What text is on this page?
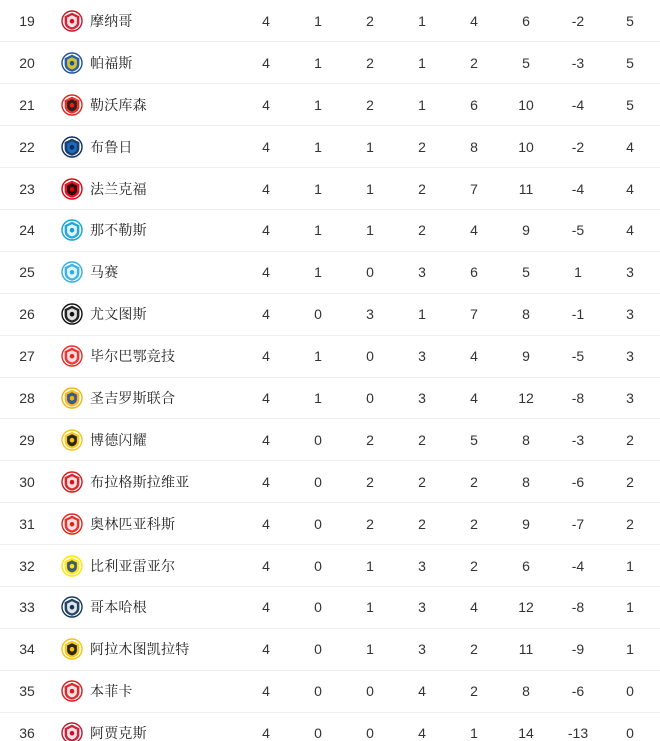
19		摩纳哥	4	1	2	1	4	6	-2	5	
20		帕福斯	4	1	2	1	2	5	-3	5	
21		勒沃库森	4	1	2	1	6	10	-4	5	
22		布鲁日	4	1	1	2	8	10	-2	4	
23		法兰克福	4	1	1	2	7	11	-4	4	
24		那不勒斯	4	1	1	2	4	9	-5	4	
25		马赛	4	1	0	3	6	5	1	3	
26		尤文图斯	4	0	3	1	7	8	-1	3	
27		毕尔巴鄂竞技	4	1	0	3	4	9	-5	3	
28		圣吉罗斯联合	4	1	0	3	4	12	-8	3	
29		博德闪耀	4	0	2	2	5	8	-3	2	
30		布拉格斯拉维亚	4	0	2	2	2	8	-6	2	
31		奥林匹亚科斯	4	0	2	2	2	9	-7	2	
32		比利亚雷亚尔	4	0	1	3	2	6	-4	1	
33		哥本哈根	4	0	1	3	4	12	-8	1	
34		阿拉木图凯拉特	4	0	1	3	2	11	-9	1	
35		本菲卡	4	0	0	4	2	8	-6	0	
36		阿贾克斯	4	0	0	4	1	14	-13	0	
